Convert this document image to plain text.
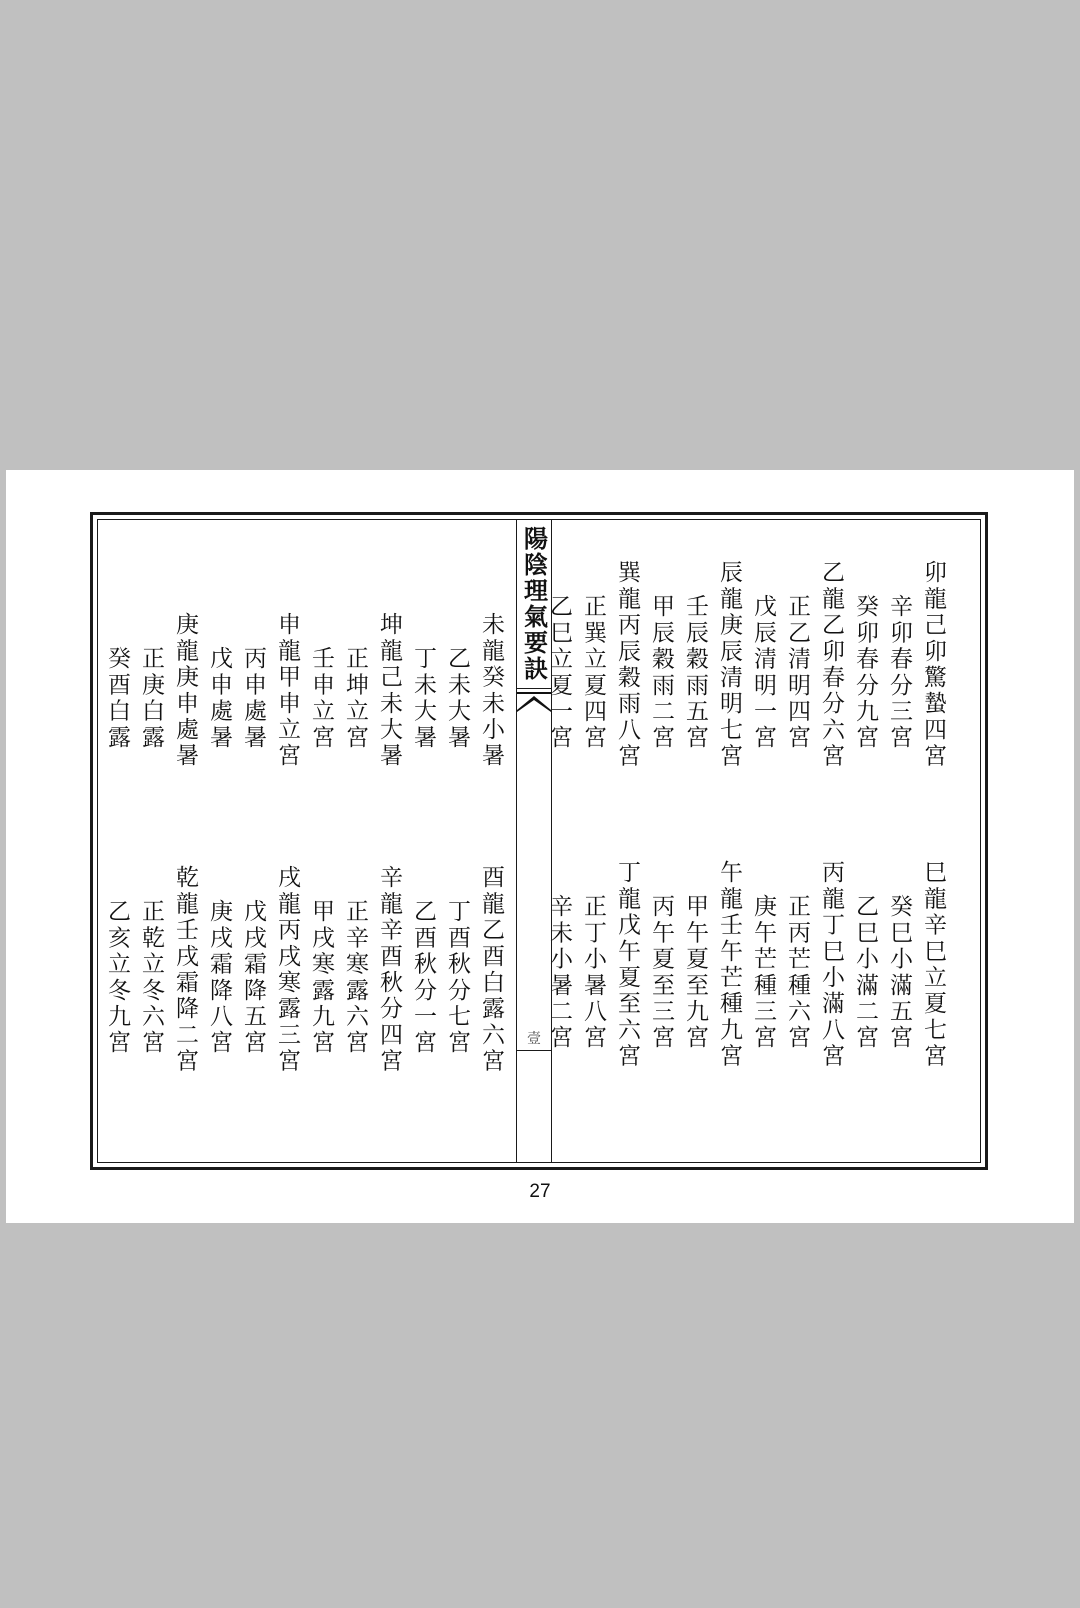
卯龍己卯驚蟄四宮
辛卯春分三宮
癸卯春分九宮
乙龍乙卯春分六宮
正乙清明四宮
戊辰清明一宮
辰龍庚辰清明七宮
壬辰穀雨五宮
甲辰穀雨二宮
巽龍丙辰穀雨八宮
正巽立夏四宮
乙巳立夏一宮
巳龍辛巳立夏七宮
癸巳小滿五宮
乙巳小滿二宮
丙龍丁巳小滿八宮
正丙芒種六宮
庚午芒種三宮
午龍壬午芒種九宮
甲午夏至九宮
丙午夏至三宮
丁龍戊午夏至六宮
正丁小暑八宮
辛未小暑二宮
陽陰理氣要訣
壹
未龍癸未小暑
乙未大暑
丁未大暑
坤龍己未大暑
正坤立宮
壬申立宮
申龍甲申立宮
丙申處暑
戊申處暑
庚龍庚申處暑
正庚白露
癸酉白露
酉龍乙酉白露六宮
丁酉秋分七宮
乙酉秋分一宮
辛龍辛酉秋分四宮
正辛寒露六宮
甲戌寒露九宮
戌龍丙戌寒露三宮
戊戌霜降五宮
庚戌霜降八宮
乾龍壬戌霜降二宮
正乾立冬六宮
乙亥立冬九宮
27
